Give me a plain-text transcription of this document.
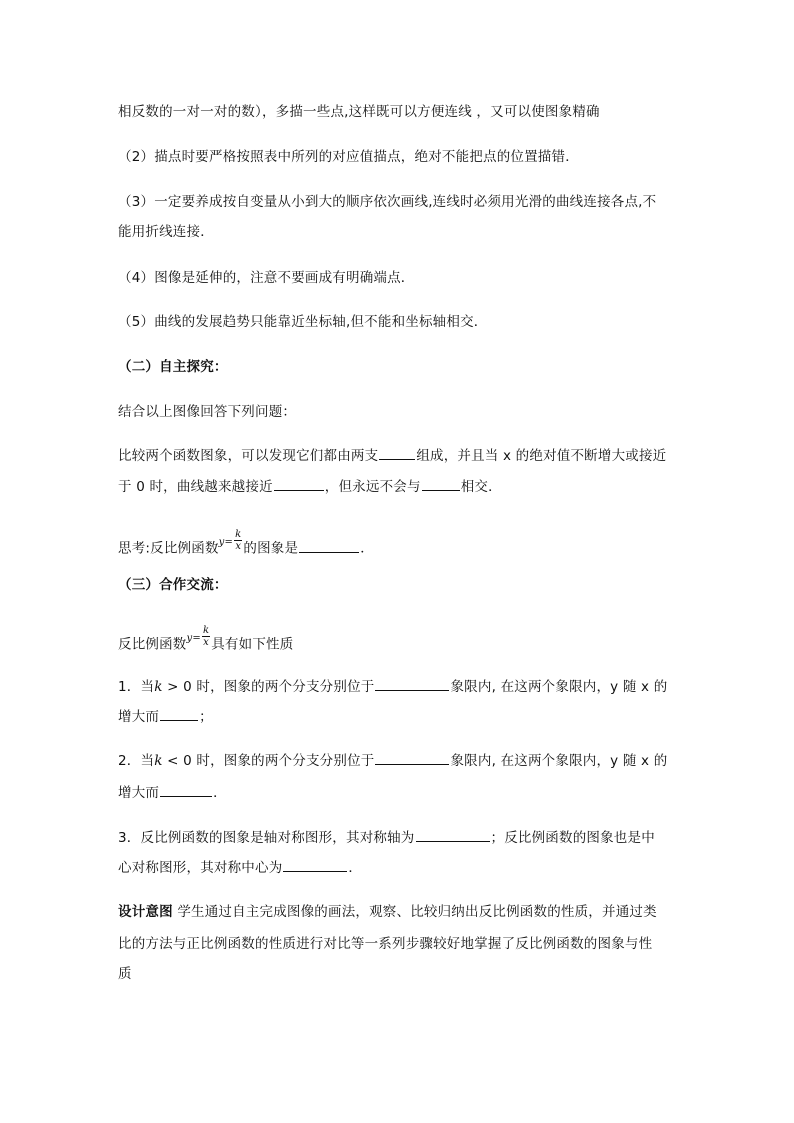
相反数的一对一对的数），多描一些点,这样既可以方便连线 ，又可以使图象精确
（2）描点时要严格按照表中所列的对应值描点，绝对不能把点的位置描错．
（3）一定要养成按自变量从小到大的顺序依次画线,连线时必须用光滑的曲线连接各点,不
能用折线连接．
（4）图像是延伸的，注意不要画成有明确端点．
（5）曲线的发展趋势只能靠近坐标轴,但不能和坐标轴相交．
（二）自主探究：
结合以上图像回答下列问题：
比较两个函数图象，可以发现它们都由两支	组成，并且当 x 的绝对值不断增大或接近
于 0 时，曲线越来越接近	，但永远不会与	相交．
思考:反比例函数$^{y=} \frac{k}{x}$ 的图象是	．
（三）合作交流：
反比例函数$^{y=} \frac{k}{x}$ 具有如下性质
1．当k > 0 时，图象的两个分支分别位于	象限内, 在这两个象限内，y 随 x 的
增大而	；
2．当k < 0 时，图象的两个分支分别位于	象限内, 在这两个象限内，y 随 x 的
增大而	．
3．反比例函数的图象是轴对称图形，其对称轴为	；反比例函数的图象也是中
心对称图形，其对称中心为	．
设计意图 学生通过自主完成图像的画法，观察、比较归纳出反比例函数的性质，并通过类
比的方法与正比例函数的性质进行对比等一系列步骤较好地掌握了反比例函数的图象与性
质
